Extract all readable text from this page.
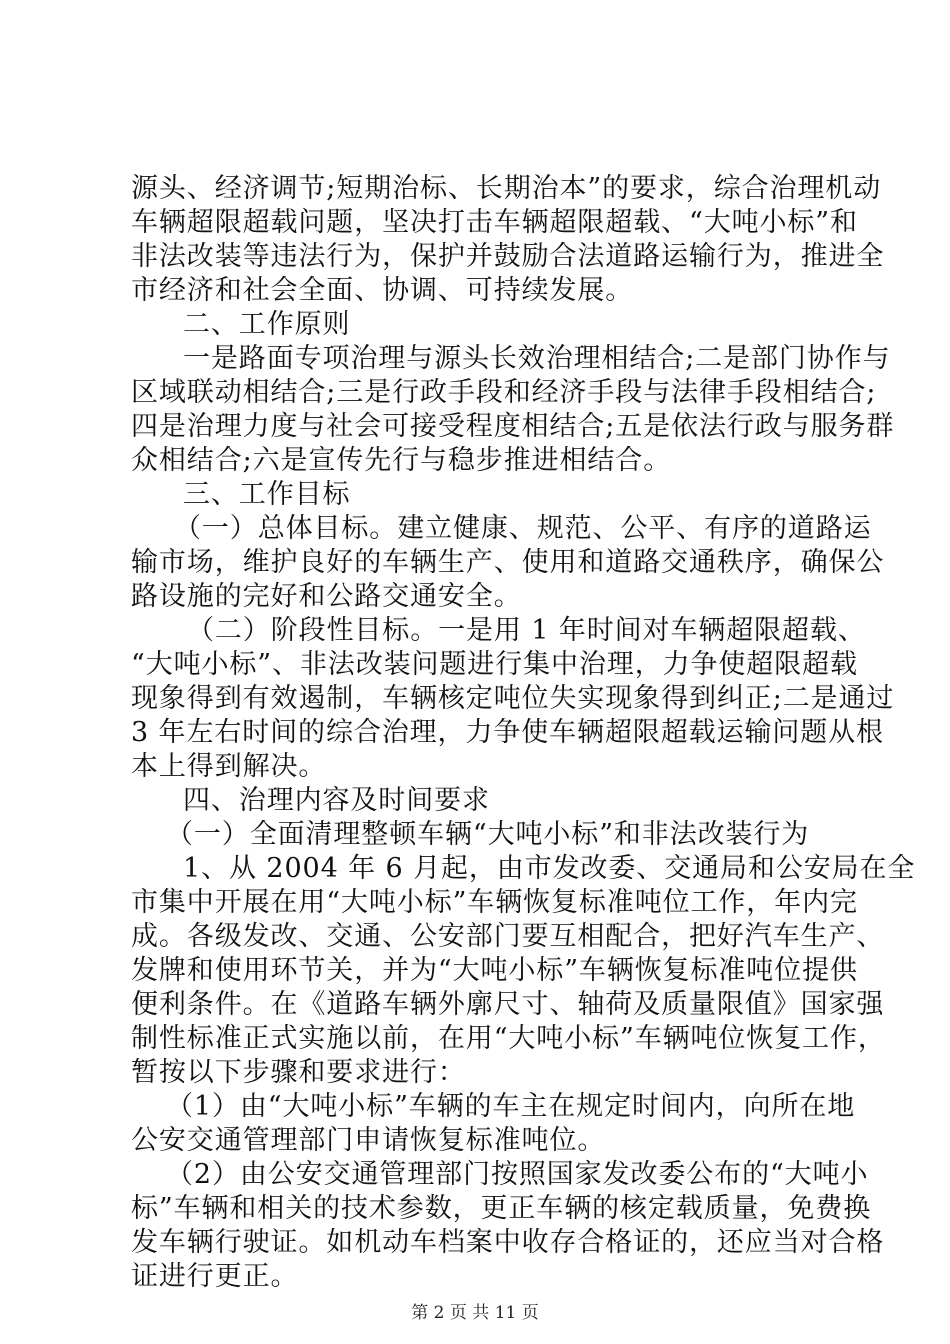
源头、经济调节;短期治标、长期治本”的要求，综合治理机动
车辆超限超载问题，坚决打击车辆超限超载、“大吨小标”和
非法改装等违法行为，保护并鼓励合法道路运输行为，推进全
市经济和社会全面、协调、可持续发展。
二、工作原则
一是路面专项治理与源头长效治理相结合;二是部门协作与
区域联动相结合;三是行政手段和经济手段与法律手段相结合;
四是治理力度与社会可接受程度相结合;五是依法行政与服务群
众相结合;六是宣传先行与稳步推进相结合。
三、工作目标
（一）总体目标。建立健康、规范、公平、有序的道路运
输市场，维护良好的车辆生产、使用和道路交通秩序，确保公
路设施的完好和公路交通安全。
（二）阶段性目标。一是用 1 年时间对车辆超限超载、
“大吨小标”、非法改装问题进行集中治理，力争使超限超载
现象得到有效遏制，车辆核定吨位失实现象得到纠正;二是通过
3 年左右时间的综合治理，力争使车辆超限超载运输问题从根
本上得到解决。
四、治理内容及时间要求
（一）全面清理整顿车辆“大吨小标”和非法改装行为
1、从 2004 年 6 月起，由市发改委、交通局和公安局在全
市集中开展在用“大吨小标”车辆恢复标准吨位工作，年内完
成。各级发改、交通、公安部门要互相配合，把好汽车生产、
发牌和使用环节关，并为“大吨小标”车辆恢复标准吨位提供
便利条件。在《道路车辆外廓尺寸、轴荷及质量限值》国家强
制性标准正式实施以前，在用“大吨小标”车辆吨位恢复工作，
暂按以下步骤和要求进行：
（1）由“大吨小标”车辆的车主在规定时间内，向所在地
公安交通管理部门申请恢复标准吨位。
（2）由公安交通管理部门按照国家发改委公布的“大吨小
标”车辆和相关的技术参数，更正车辆的核定载质量，免费换
发车辆行驶证。如机动车档案中收存合格证的，还应当对合格
证进行更正。
第 2 页 共 11 页
